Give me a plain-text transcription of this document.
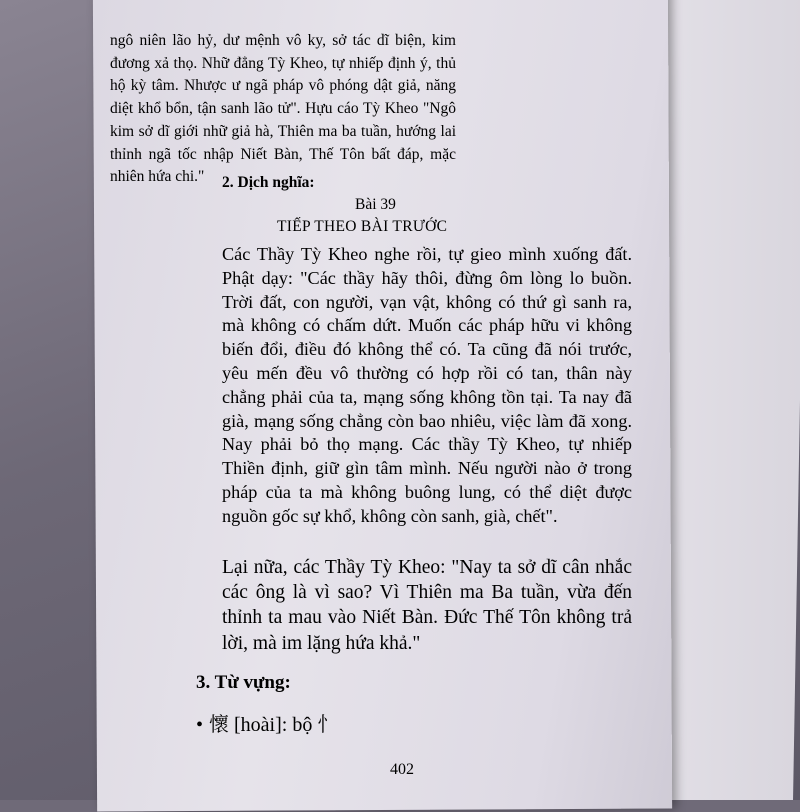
ngô niên lão hỷ, dư mệnh vô ky, sở tác dĩ biện, kim đương xả thọ. Nhữ đẳng Tỳ Kheo, tự nhiếp định ý, thủ hộ kỳ tâm. Nhược ư ngã pháp vô phóng dật giả, năng diệt khổ bổn, tận sanh lão tử". Hựu cáo Tỳ Kheo "Ngô kim sở dĩ giới nhữ giả hà, Thiên ma ba tuần, hướng lai thỉnh ngã tốc nhập Niết Bàn, Thế Tôn bất đáp, mặc nhiên hứa chi."	2. Dịch nghĩa:
Bài 39
TIẾP THEO BÀI TRƯỚC
Các Thầy Tỳ Kheo nghe rồi, tự gieo mình xuống đất. Phật dạy: "Các thầy hãy thôi, đừng ôm lòng lo buồn. Trời đất, con người, vạn vật, không có thứ gì sanh ra, mà không có chấm dứt. Muốn các pháp hữu vi không biến đổi, điều đó không thể có. Ta cũng đã nói trước, yêu mến đều vô thường có hợp rồi có tan, thân này chẳng phải của ta, mạng sống không tồn tại. Ta nay đã già, mạng sống chẳng còn bao nhiêu, việc làm đã xong. Nay phải bỏ thọ mạng. Các thầy Tỳ Kheo, tự nhiếp Thiền định, giữ gìn tâm mình. Nếu người nào ở trong pháp của ta mà không buông lung, có thể diệt được nguồn gốc sự khổ, không còn sanh, già, chết".
Lại nữa, các Thầy Tỳ Kheo: "Nay ta sở dĩ cân nhắc các ông là vì sao? Vì Thiên ma Ba tuần, vừa đến thỉnh ta mau vào Niết Bàn. Đức Thế Tôn không trả lời, mà im lặng hứa khả."
3. Từ vựng:
• 懷 [hoài]: bộ 忄
402
